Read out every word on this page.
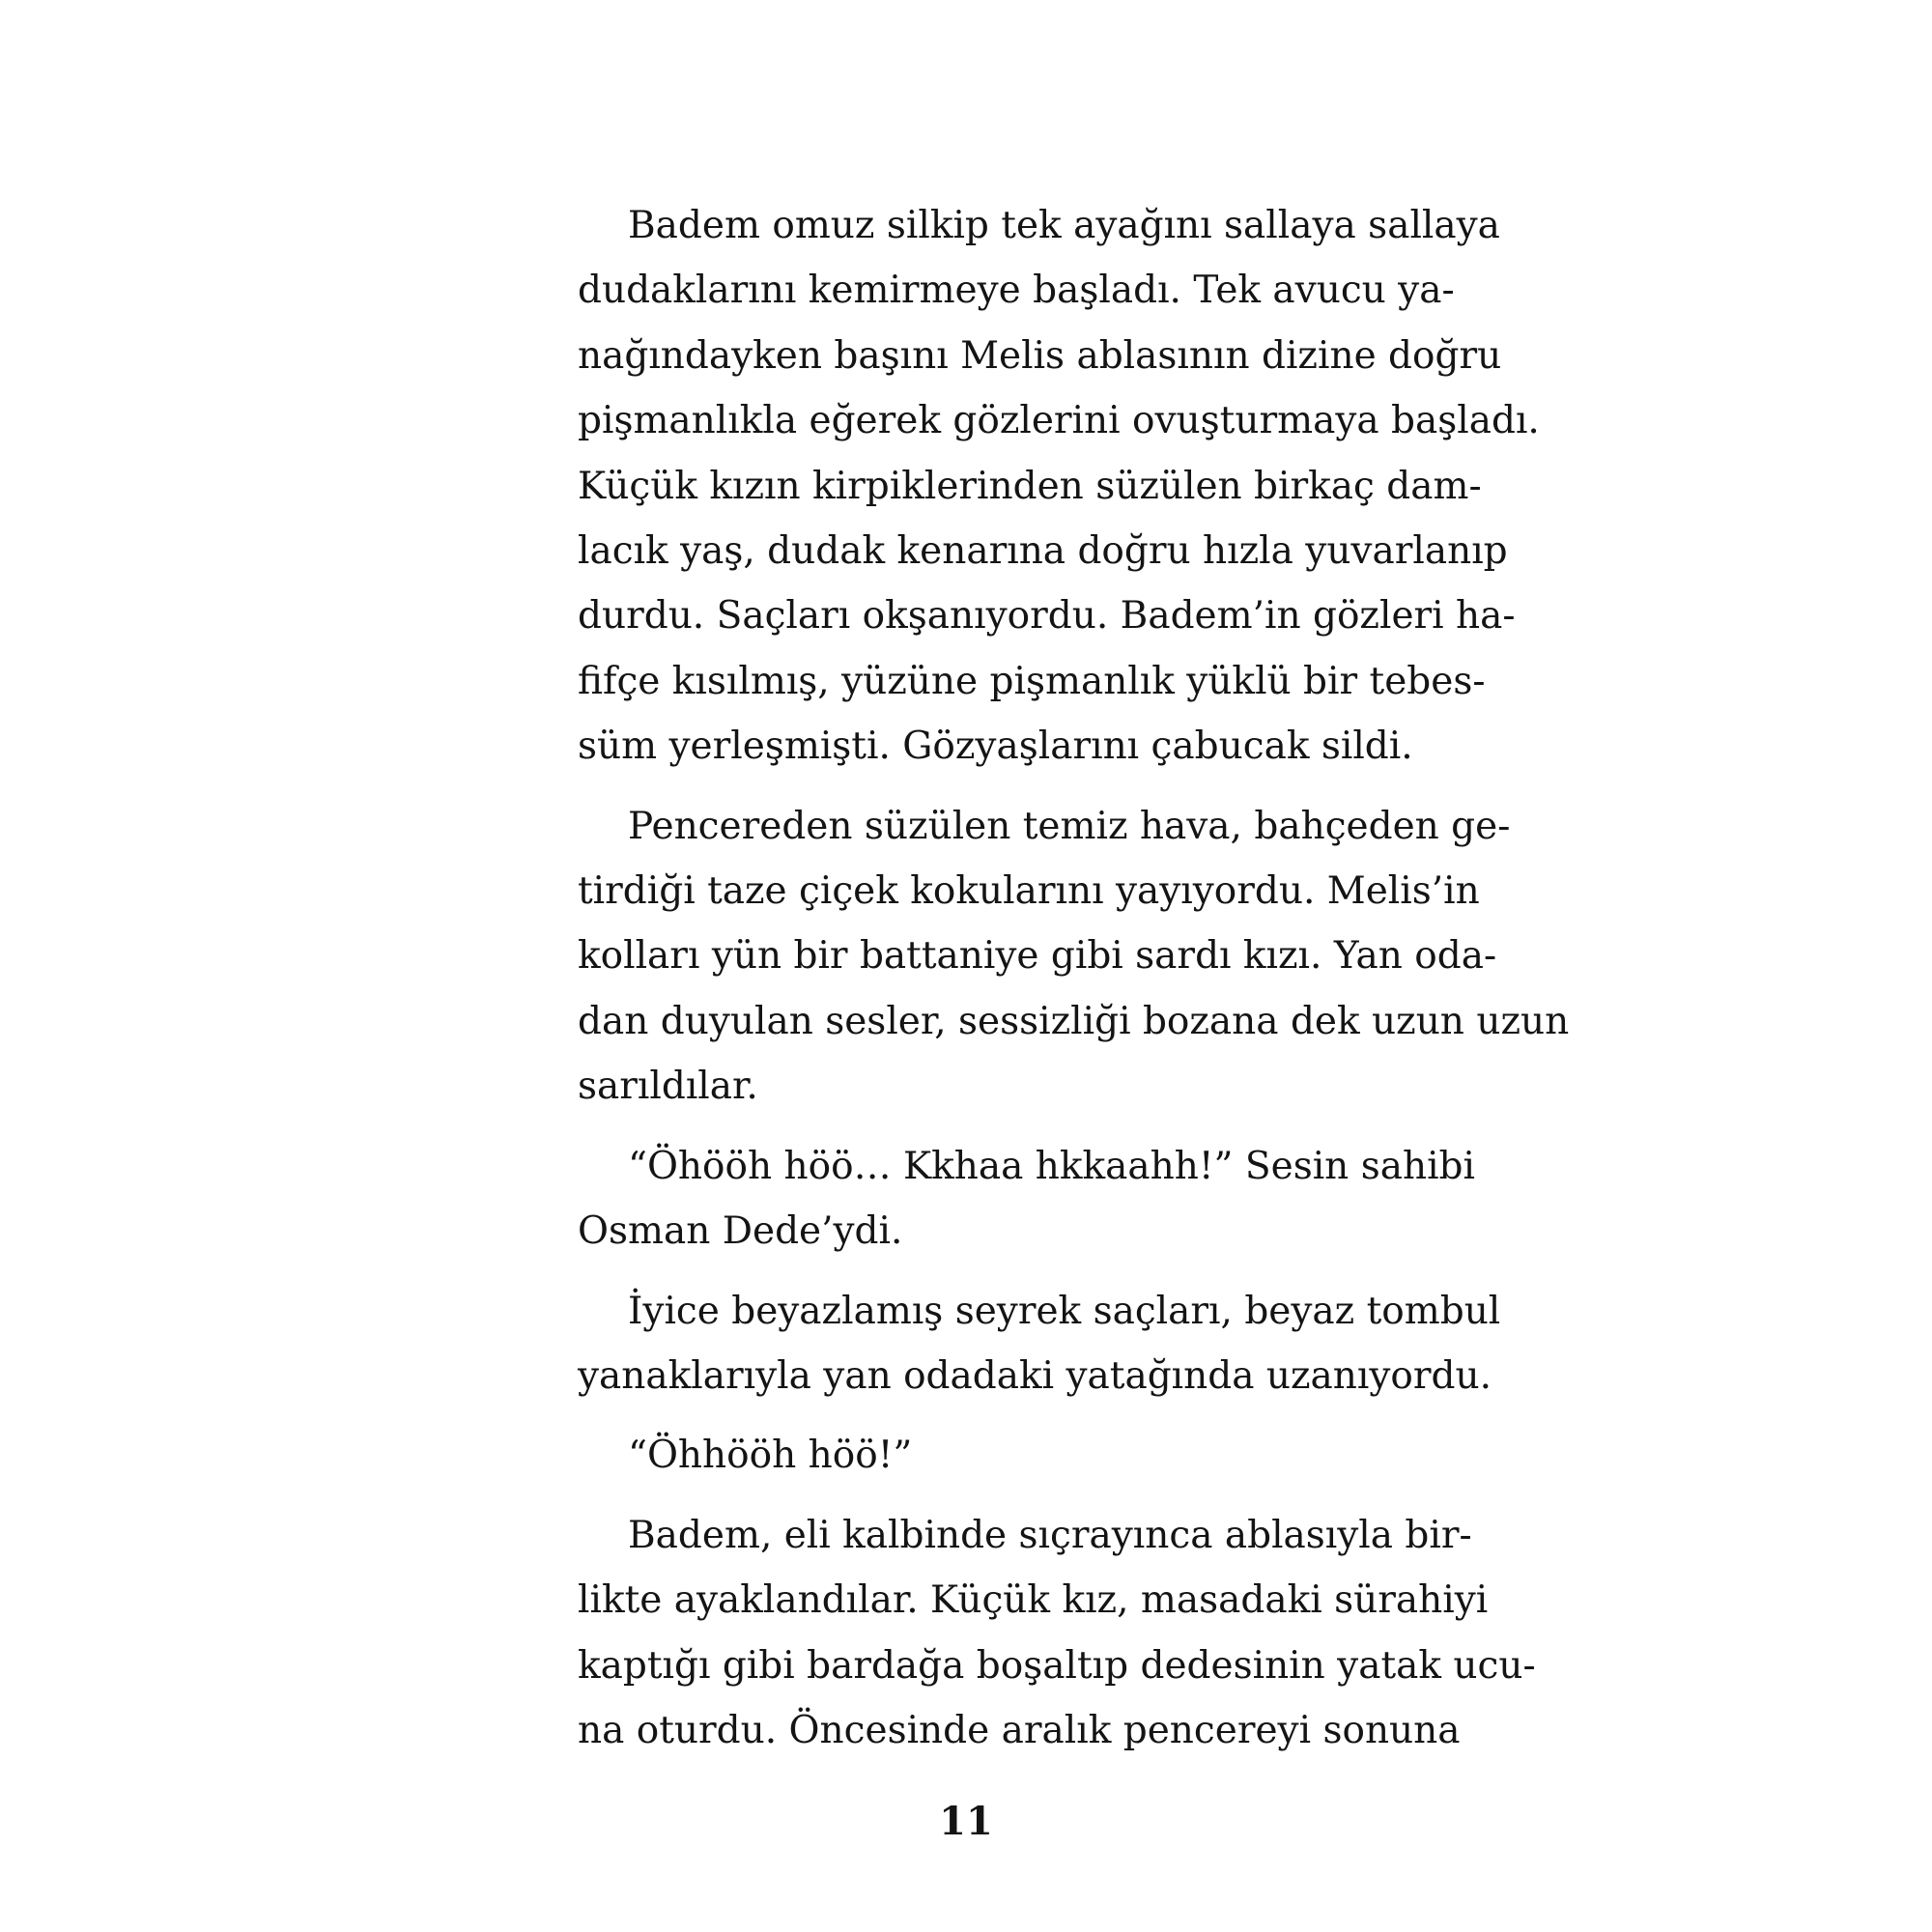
Badem omuz silkip tek ayağını sallaya sallaya
dudaklarını kemirmeye başladı. Tek avucu ya-
nağındayken başını Melis ablasının dizine doğru
pişmanlıkla eğerek gözlerini ovuşturmaya başladı.
Küçük kızın kirpiklerinden süzülen birkaç dam-
lacık yaş, dudak kenarına doğru hızla yuvarlanıp
durdu. Saçları okşanıyordu. Badem’in gözleri ha-
fifçe kısılmış, yüzüne pişmanlık yüklü bir tebes-
süm yerleşmişti. Gözyaşlarını çabucak sildi.

Pencereden süzülen temiz hava, bahçeden ge-
tirdiği taze çiçek kokularını yayıyordu. Melis’in
kolları yün bir battaniye gibi sardı kızı. Yan oda-
dan duyulan sesler, sessizliği bozana dek uzun uzun
sarıldılar.

“Öhööh höö… Kkhaa hkkaahh!” Sesin sahibi
Osman Dede’ydi.

İyice beyazlamış seyrek saçları, beyaz tombul
yanaklarıyla yan odadaki yatağında uzanıyordu.

“Öhhööh höö!”

Badem, eli kalbinde sıçrayınca ablasıyla bir-
likte ayaklandılar. Küçük kız, masadaki sürahiyi
kaptığı gibi bardağa boşaltıp dedesinin yatak ucu-
na oturdu. Öncesinde aralık pencereyi sonuna

11
